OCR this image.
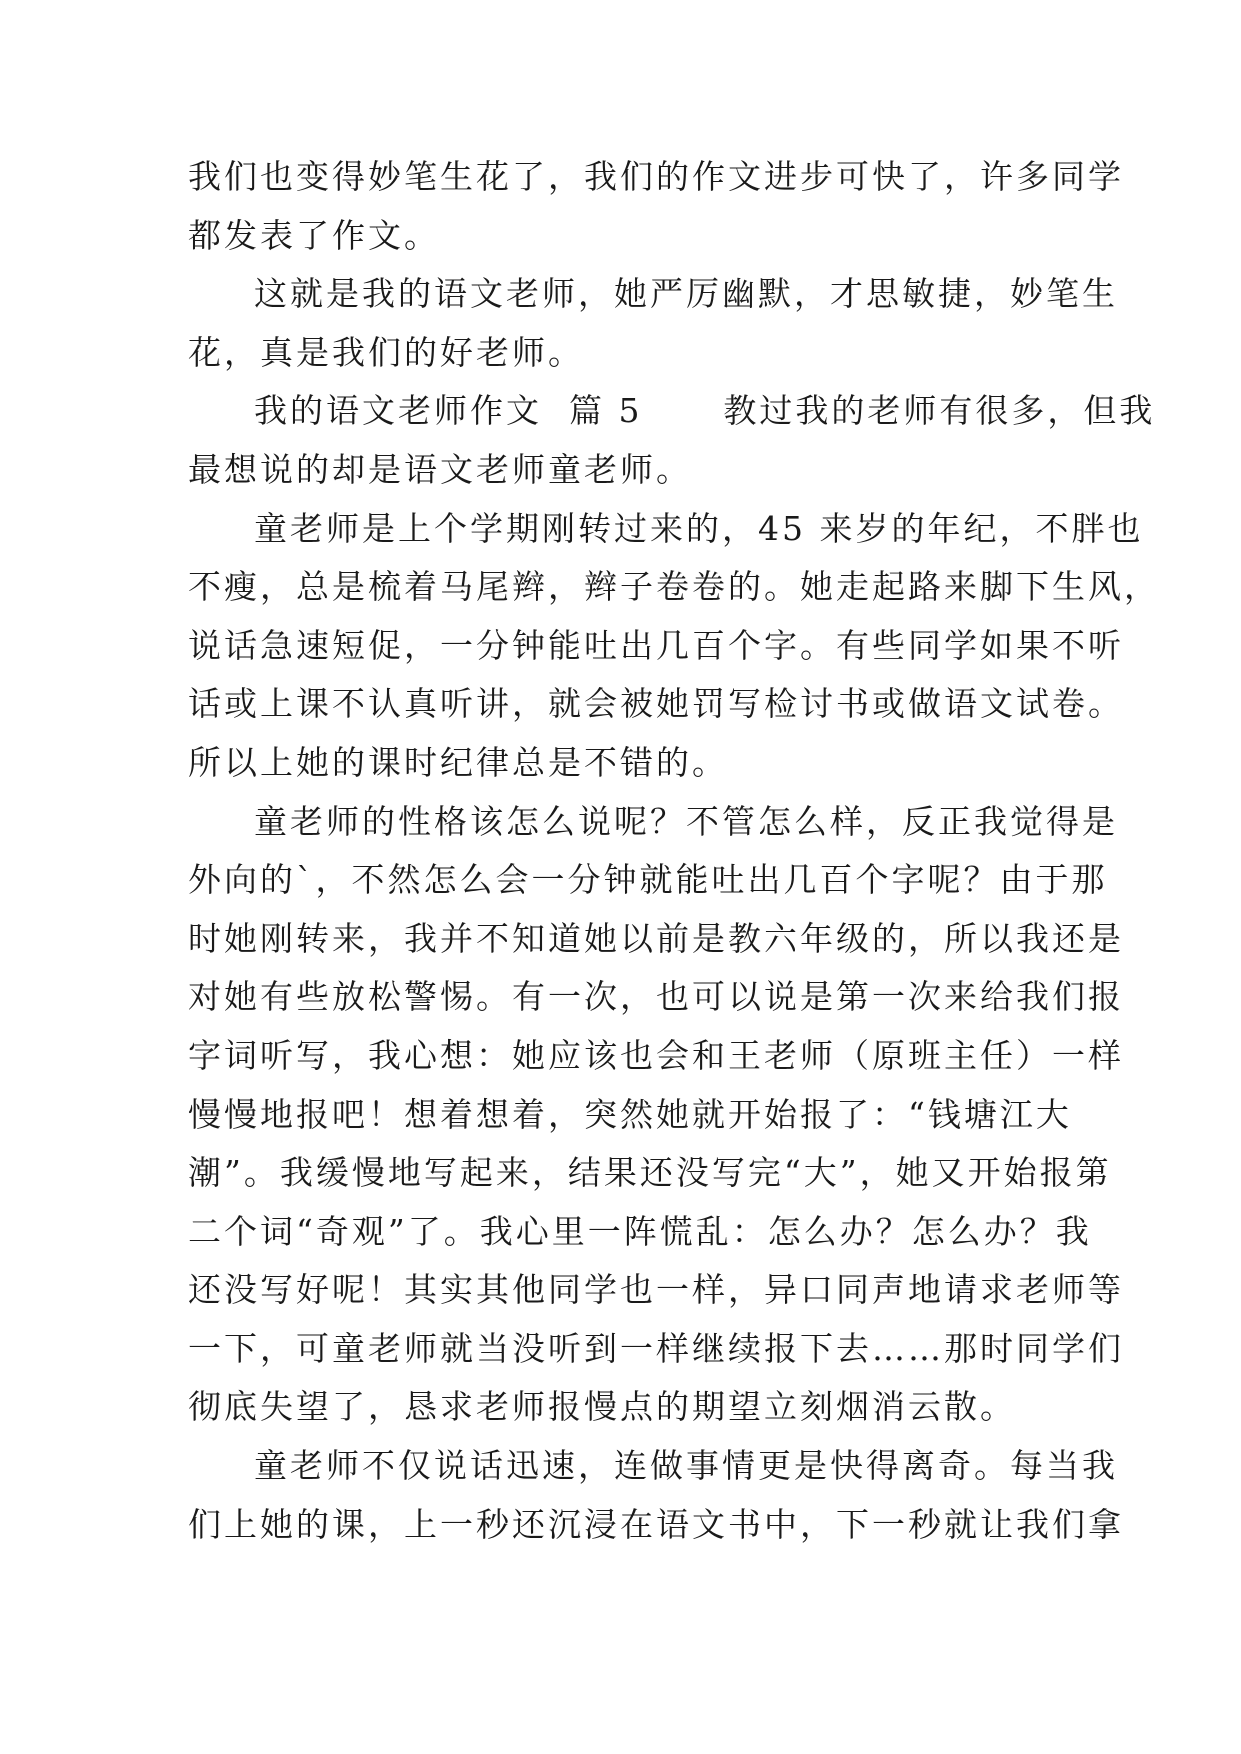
我们也变得妙笔生花了，我们的作文进步可快了，许多同学
都发表了作文。

这就是我的语文老师，她严厉幽默，才思敏捷，妙笔生
花，真是我们的好老师。

我的语文老师作文  篇 5      教过我的老师有很多，但我
最想说的却是语文老师童老师。

童老师是上个学期刚转过来的，45 来岁的年纪，不胖也
不瘦，总是梳着马尾辫，辫子卷卷的。她走起路来脚下生风，
说话急速短促，一分钟能吐出几百个字。有些同学如果不听
话或上课不认真听讲，就会被她罚写检讨书或做语文试卷。
所以上她的课时纪律总是不错的。

童老师的性格该怎么说呢？不管怎么样，反正我觉得是
外向的`，不然怎么会一分钟就能吐出几百个字呢？由于那
时她刚转来，我并不知道她以前是教六年级的，所以我还是
对她有些放松警惕。有一次，也可以说是第一次来给我们报
字词听写，我心想：她应该也会和王老师（原班主任）一样
慢慢地报吧！想着想着，突然她就开始报了：“钱塘江大
潮”。我缓慢地写起来，结果还没写完“大”，她又开始报第
二个词“奇观”了。我心里一阵慌乱：怎么办？怎么办？我
还没写好呢！其实其他同学也一样，异口同声地请求老师等
一下，可童老师就当没听到一样继续报下去……那时同学们
彻底失望了，恳求老师报慢点的期望立刻烟消云散。

童老师不仅说话迅速，连做事情更是快得离奇。每当我
们上她的课，上一秒还沉浸在语文书中，下一秒就让我们拿
